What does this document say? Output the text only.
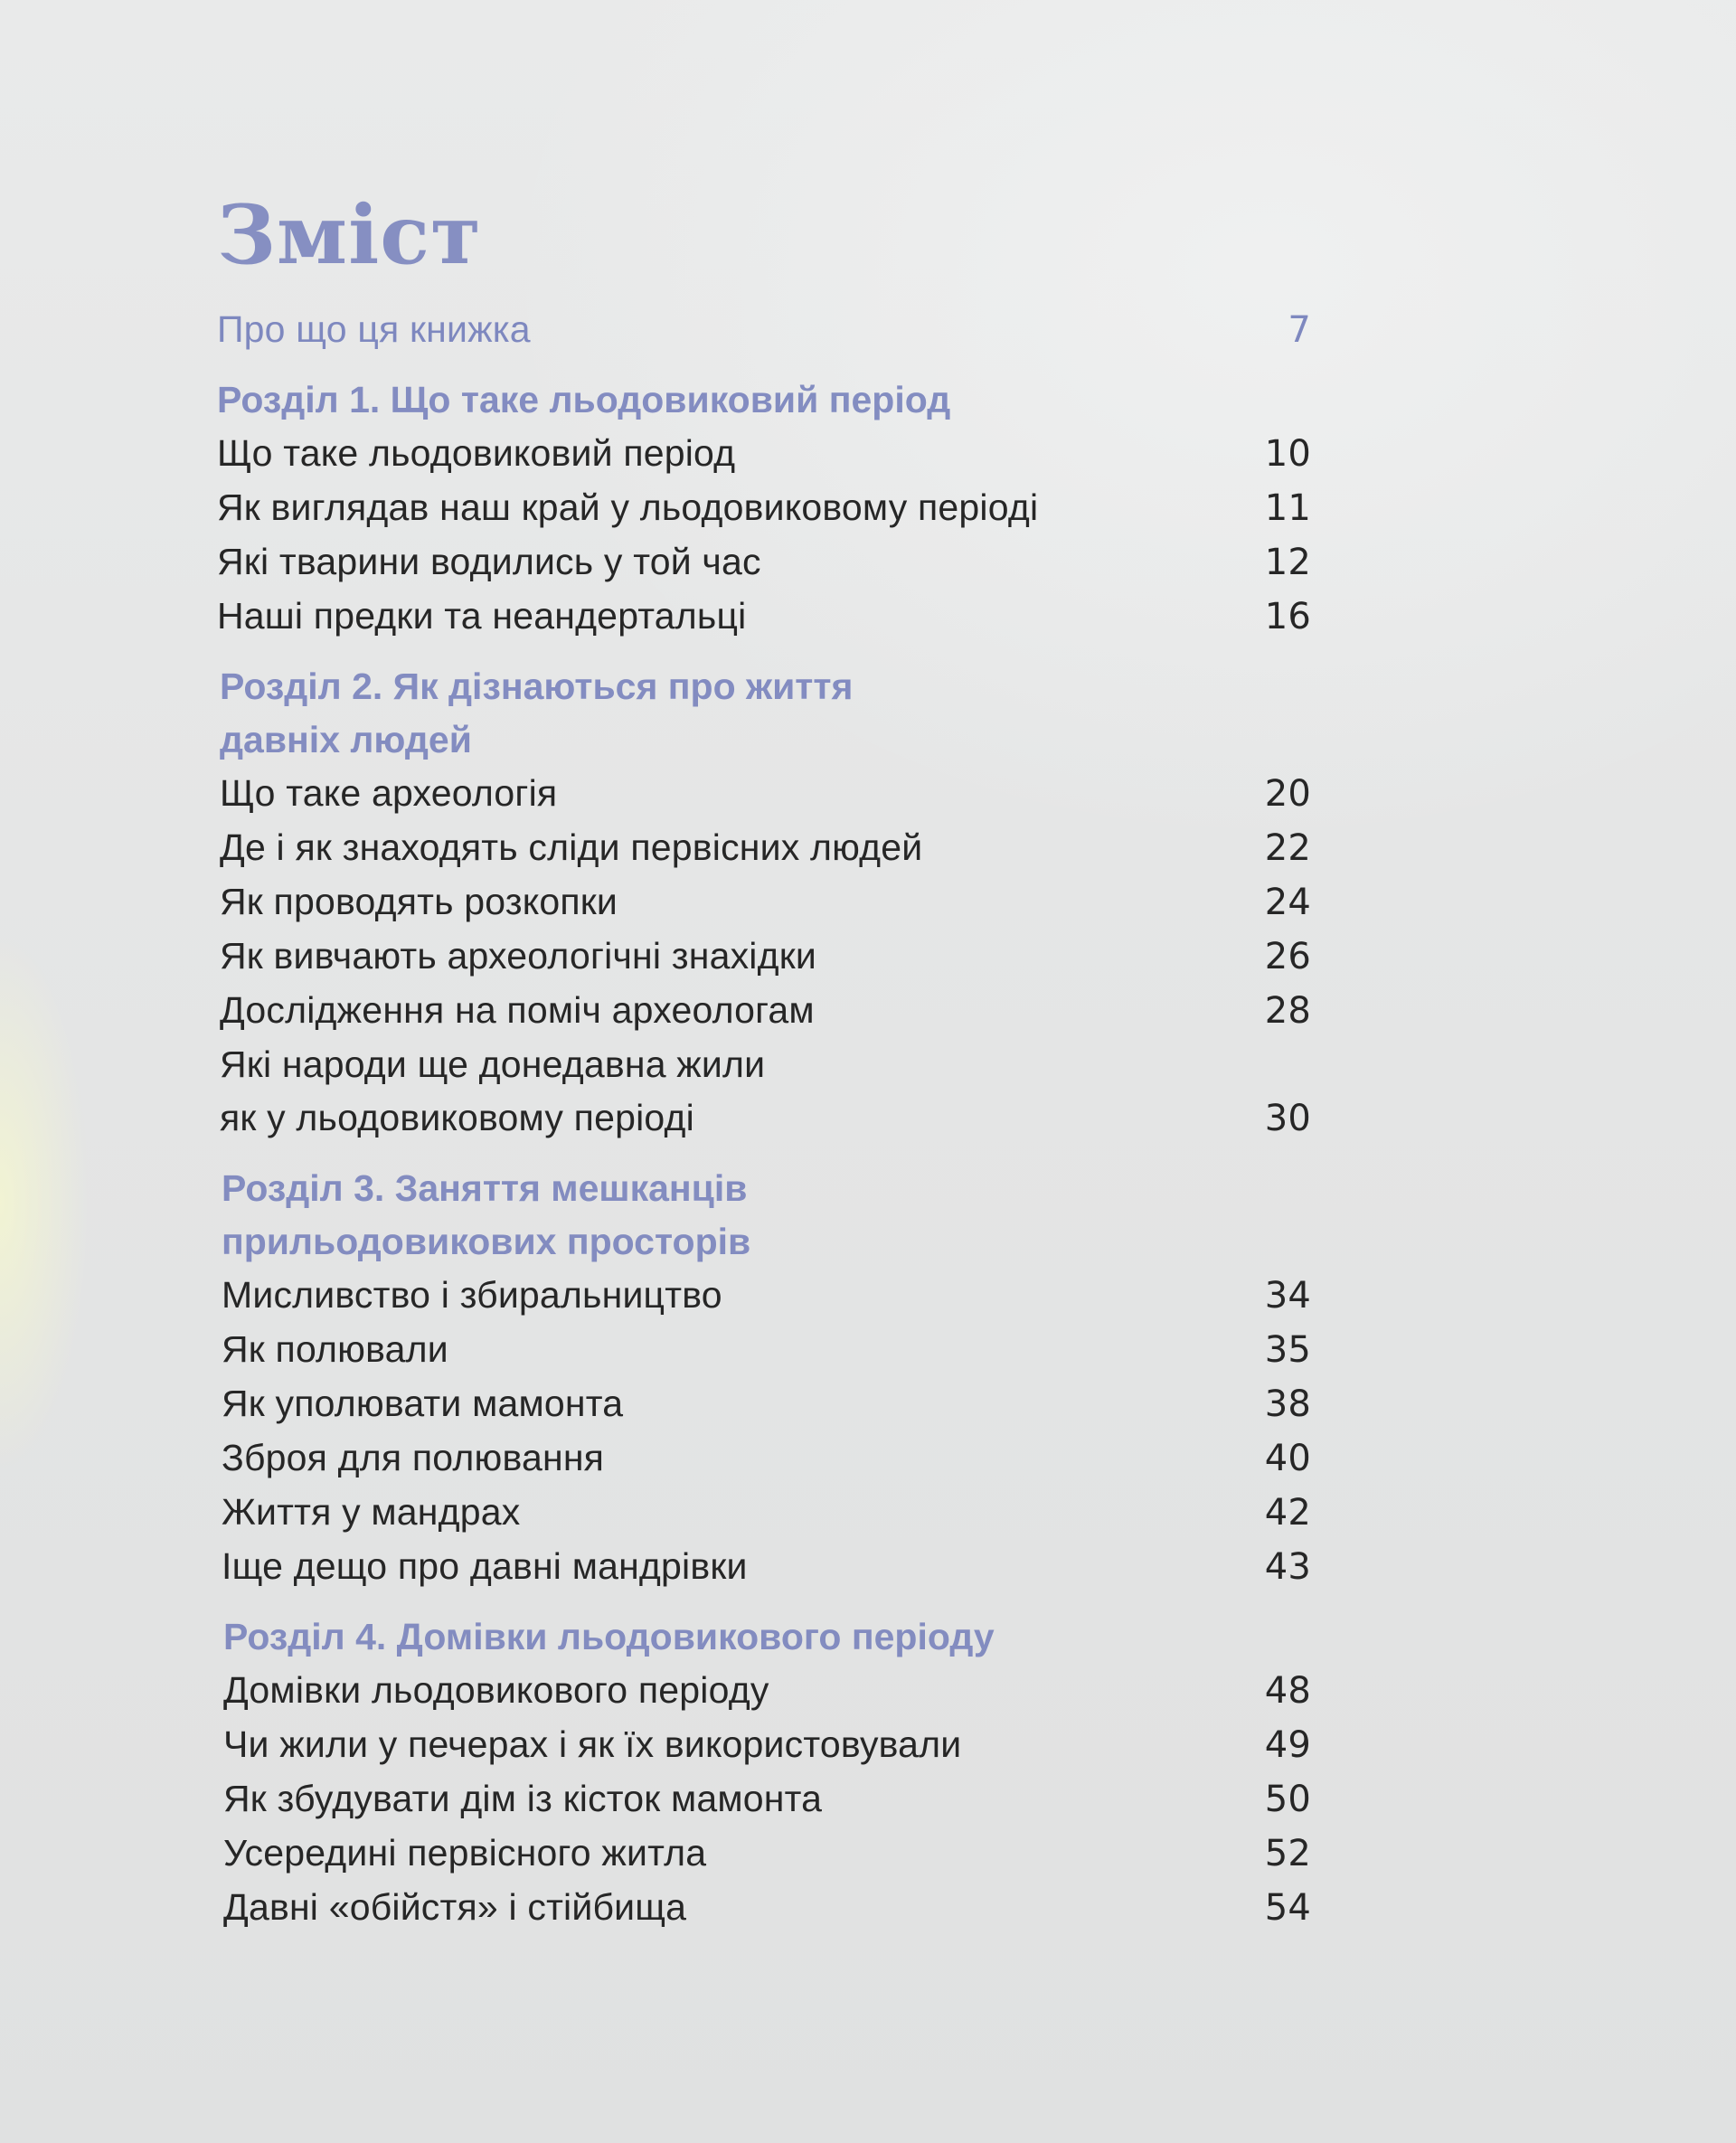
Зміст
Про що ця книжка	7
Розділ 1. Що таке льодовиковий період
Що таке льодовиковий період	10
Як виглядав наш край у льодовиковому періоді	11
Які тварини водились у той час	12
Наші предки та неандертальці	16
Розділ 2. Як дізнаються про життя
давніх людей
Що таке археологія	20
Де і як знаходять сліди первісних людей	22
Як проводять розкопки	24
Як вивчають археологічні знахідки	26
Дослідження на поміч археологам	28
Які народи ще донедавна жили
як у льодовиковому періоді	30
Розділ 3. Заняття мешканців
прильодовикових просторів
Мисливство і збиральництво	34
Як полювали	35
Як уполювати мамонта	38
Зброя для полювання	40
Життя у мандрах	42
Іще дещо про давні мандрівки	43
Розділ 4. Домівки льодовикового періоду
Домівки льодовикового періоду	48
Чи жили у печерах і як їх використовували	49
Як збудувати дім із кісток мамонта	50
Усередині первісного житла	52
Давні «обійстя» і стійбища	54
